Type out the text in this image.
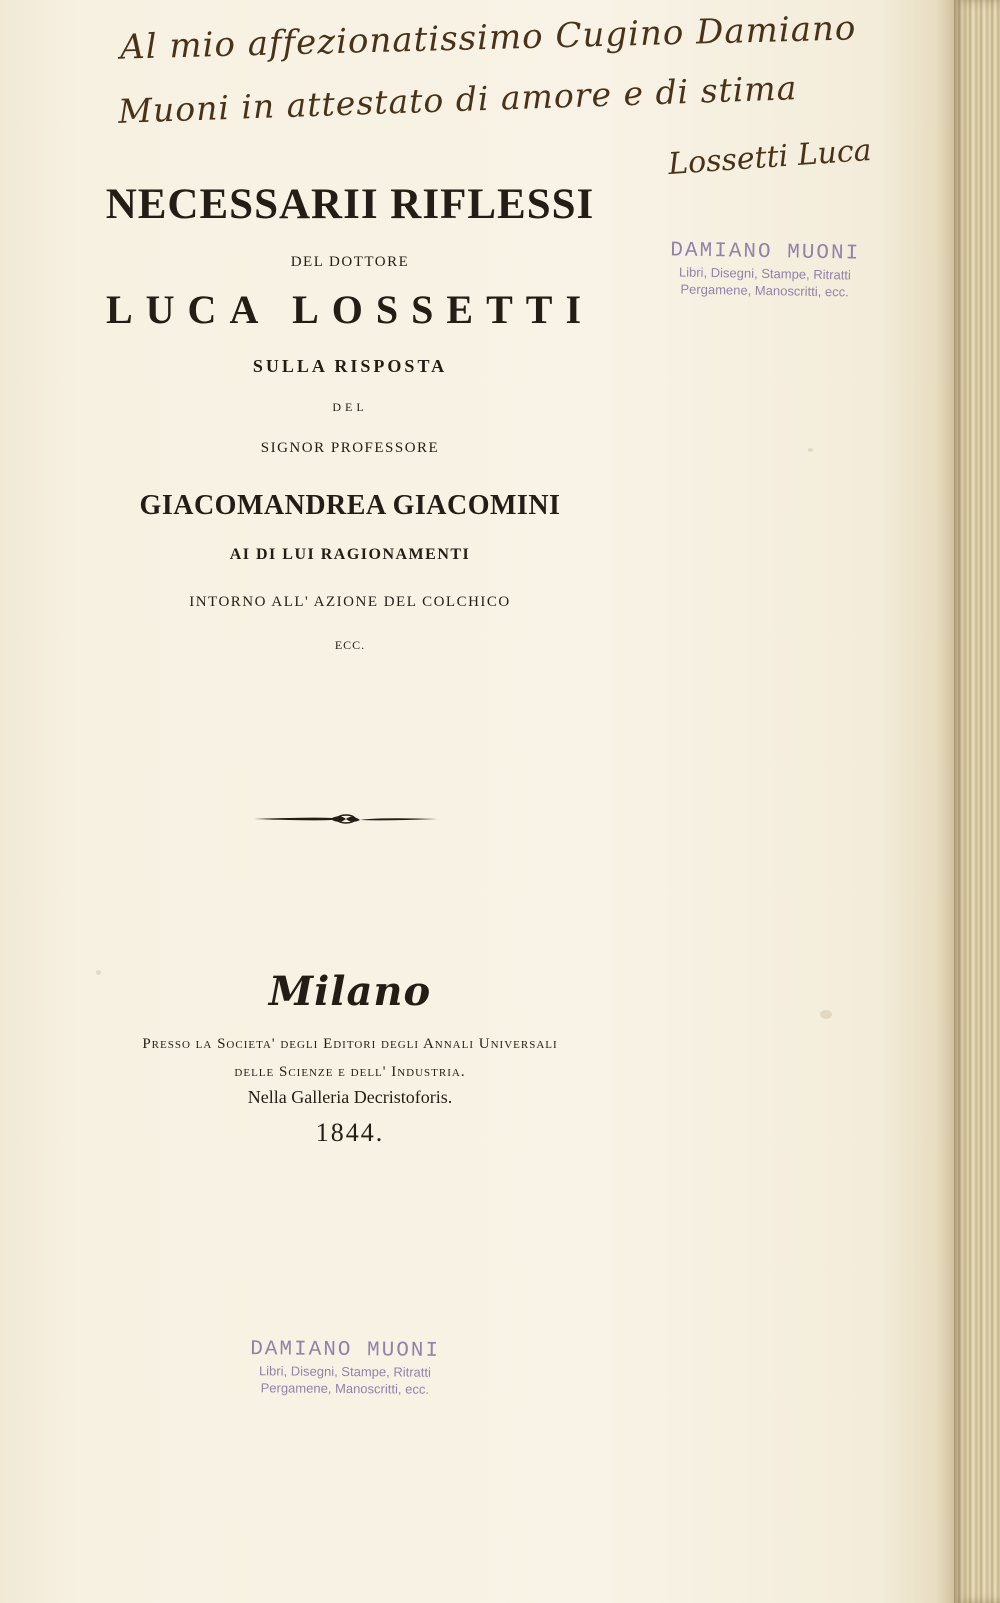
Al mio affezionatissimo Cugino Damiano
Muoni in attestato di amore e di stima
Lossetti Luca
DAMIANO MUONI
Libri, Disegni, Stampe, Ritratti
Pergamene, Manoscritti, ecc.
NECESSARII RIFLESSI
DEL DOTTORE
LUCA LOSSETTI
SULLA RISPOSTA
DEL
SIGNOR PROFESSORE
GIACOMANDREA GIACOMINI
AI DI LUI RAGIONAMENTI
INTORNO ALL' AZIONE DEL COLCHICO
ECC.
Milano
Presso la Societa' degli Editori degli Annali Universali
delle Scienze e dell' Industria.
Nella Galleria Decristoforis.
1844.
DAMIANO MUONI
Libri, Disegni, Stampe, Ritratti
Pergamene, Manoscritti, ecc.
